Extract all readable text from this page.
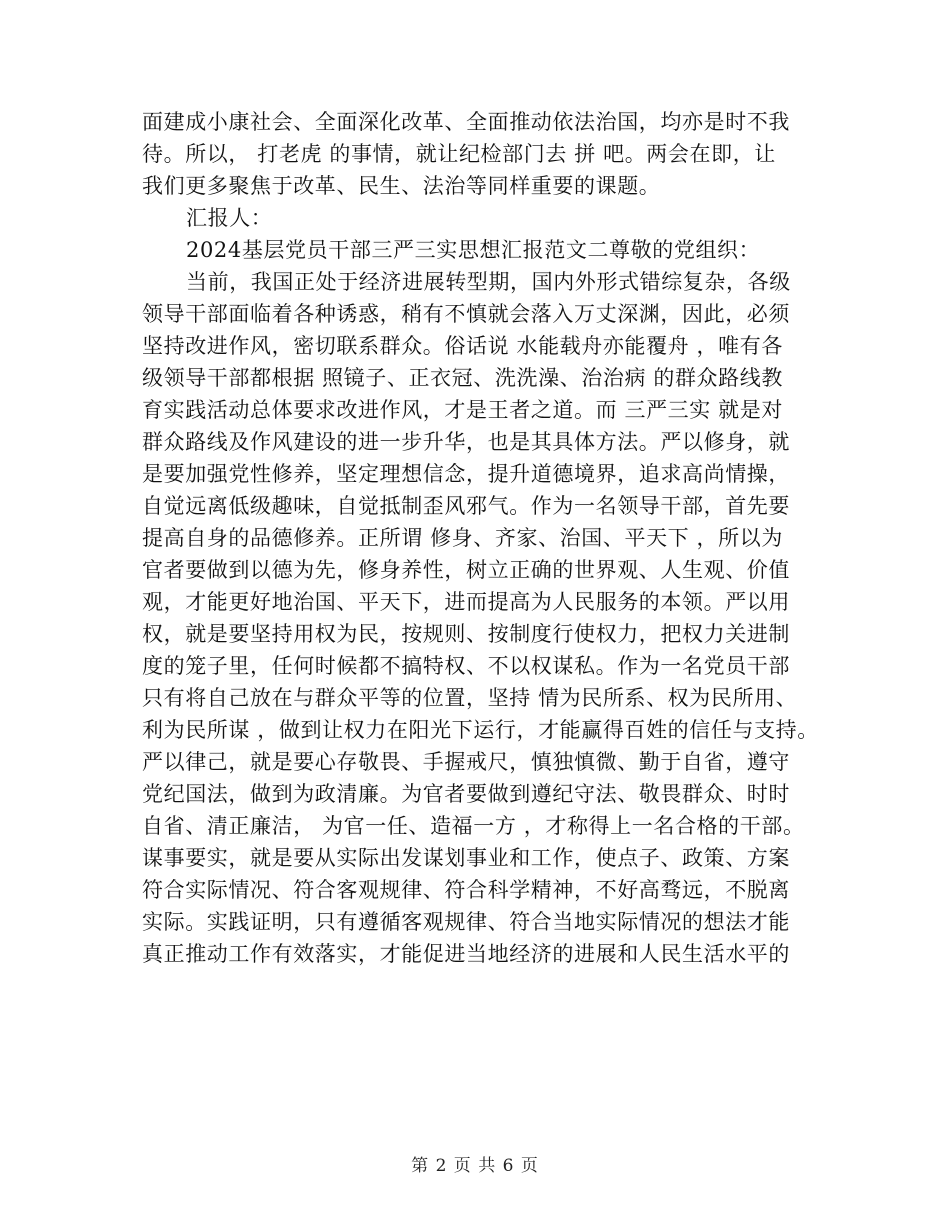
面建成小康社会、全面深化改革、全面推动依法治国，均亦是时不我
待。所以， 打老虎 的事情，就让纪检部门去 拼 吧。两会在即，让
我们更多聚焦于改革、民生、法治等同样重要的课题。
汇报人：
2024基层党员干部三严三实思想汇报范文二尊敬的党组织：
当前，我国正处于经济进展转型期，国内外形式错综复杂，各级
领导干部面临着各种诱惑，稍有不慎就会落入万丈深渊，因此，必须
坚持改进作风，密切联系群众。俗话说 水能载舟亦能覆舟 ，唯有各
级领导干部都根据 照镜子、正衣冠、洗洗澡、治治病 的群众路线教
育实践活动总体要求改进作风，才是王者之道。而 三严三实 就是对
群众路线及作风建设的进一步升华，也是其具体方法。严以修身，就
是要加强党性修养，坚定理想信念，提升道德境界，追求高尚情操，
自觉远离低级趣味，自觉抵制歪风邪气。作为一名领导干部，首先要
提高自身的品德修养。正所谓 修身、齐家、治国、平天下 ，所以为
官者要做到以德为先，修身养性，树立正确的世界观、人生观、价值
观，才能更好地治国、平天下，进而提高为人民服务的本领。严以用
权，就是要坚持用权为民，按规则、按制度行使权力，把权力关进制
度的笼子里，任何时候都不搞特权、不以权谋私。作为一名党员干部
只有将自己放在与群众平等的位置，坚持 情为民所系、权为民所用、
利为民所谋 ，做到让权力在阳光下运行，才能赢得百姓的信任与支持。
严以律己，就是要心存敬畏、手握戒尺，慎独慎微、勤于自省，遵守
党纪国法，做到为政清廉。为官者要做到遵纪守法、敬畏群众、时时
自省、清正廉洁， 为官一任、造福一方 ，才称得上一名合格的干部。
谋事要实，就是要从实际出发谋划事业和工作，使点子、政策、方案
符合实际情况、符合客观规律、符合科学精神，不好高骛远，不脱离
实际。实践证明，只有遵循客观规律、符合当地实际情况的想法才能
真正推动工作有效落实，才能促进当地经济的进展和人民生活水平的
第 2 页 共 6 页
